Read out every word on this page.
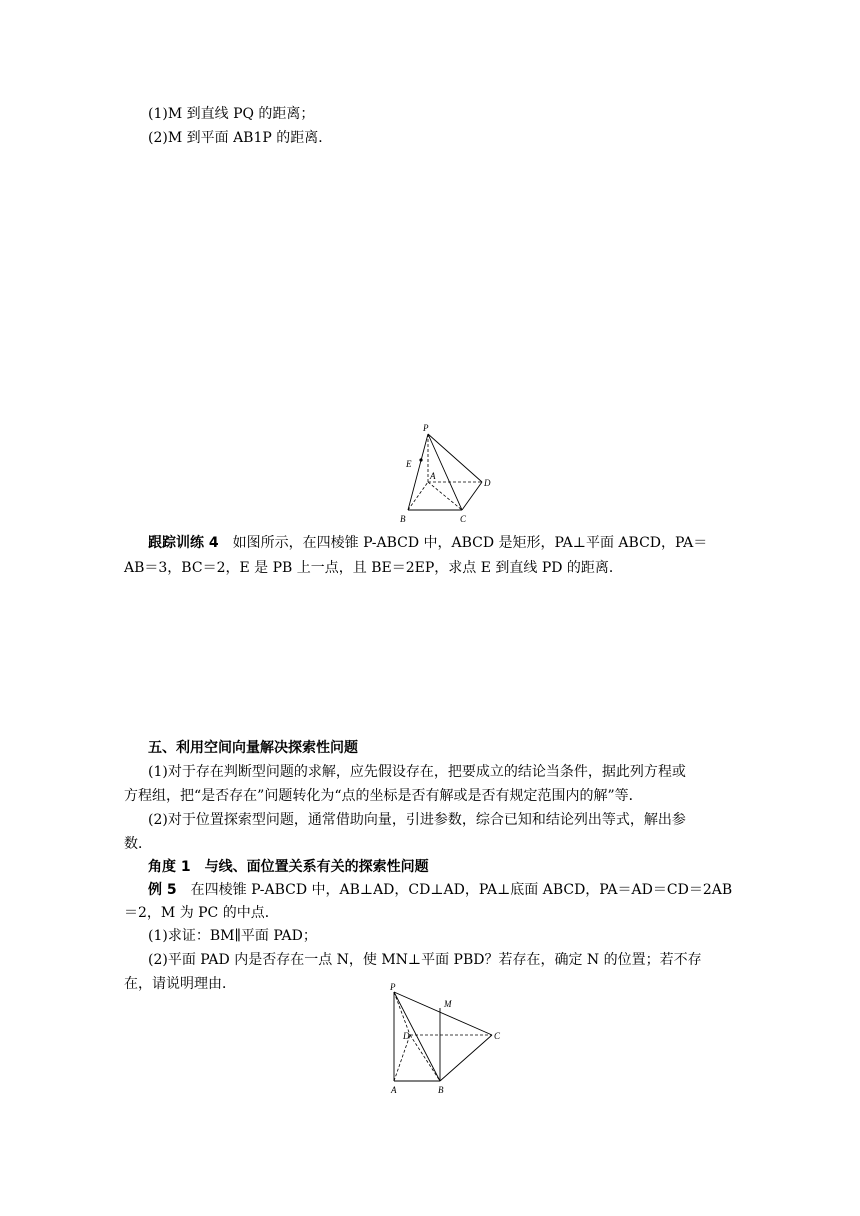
(1)M 到直线 PQ 的距离；
(2)M 到平面 AB1P 的距离．
P
E
A
D
B	C
跟踪训练 4　 如图所示，在四棱锥 P-ABCD 中，ABCD 是矩形，PA⊥平面 ABCD，PA＝
AB＝3，BC＝2，E 是 PB 上一点，且 BE＝2EP，求点 E 到直线 PD 的距离．
五、利用空间向量解决探索性问题
(1)对于存在判断型问题的求解，应先假设存在，把要成立的结论当条件，据此列方程或
方程组，把“是否存在”问题转化为“点的坐标是否有解或是否有规定范围内的解”等．
(2)对于位置探索型问题，通常借助向量，引进参数，综合已知和结论列出等式，解出参
数．
角度 1　与线、面位置关系有关的探索性问题
例 5　 在四棱锥 P-ABCD 中，AB⊥AD，CD⊥AD，PA⊥底面 ABCD，PA＝AD＝CD＝2AB
＝2，M 为 PC 的中点．
(1)求证：BM∥平面 PAD；
(2)平面 PAD 内是否存在一点 N，使 MN⊥平面 PBD？若存在，确定 N 的位置；若不存
在，请说明理由．	P
M
D	C
A	B
